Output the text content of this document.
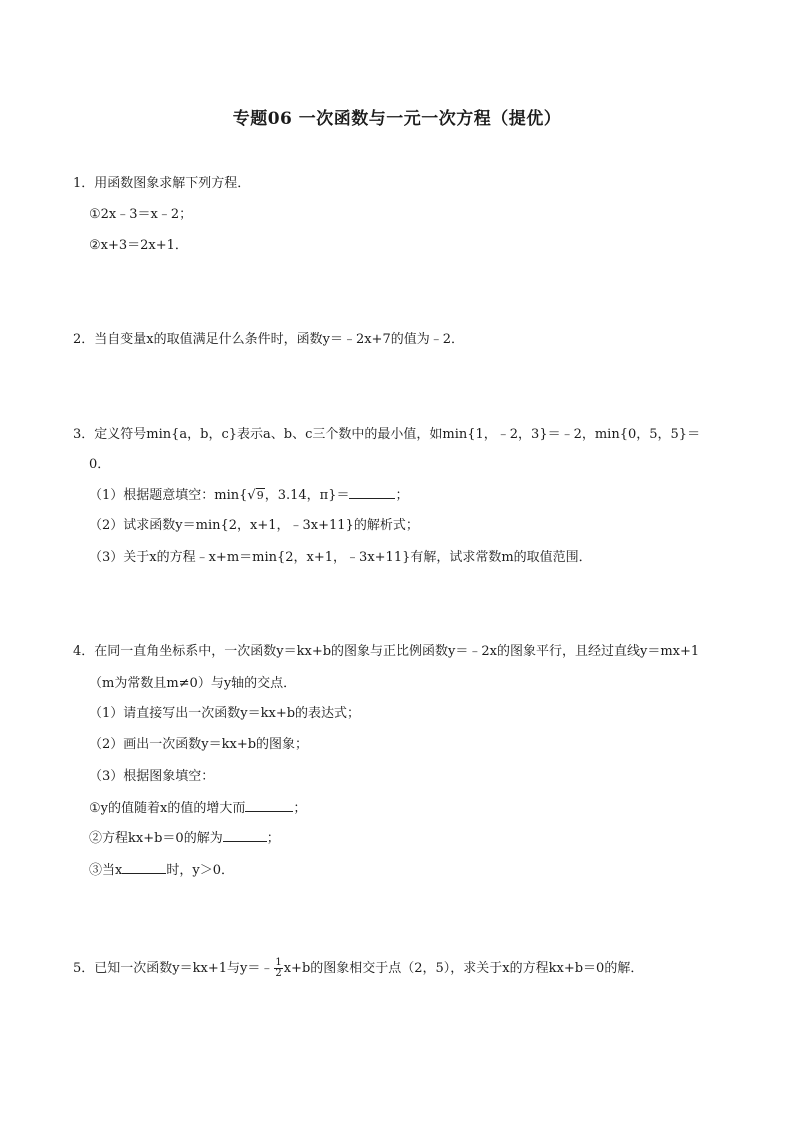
专题06 一次函数与一元一次方程（提优）
1．用函数图象求解下列方程．
①2x﹣3＝x﹣2；
②x+3＝2x+1．
2．当自变量x的取值满足什么条件时，函数y＝﹣2x+7的值为﹣2．
3．定义符号min{a，b，c}表示a、b、c三个数中的最小值，如min{1，﹣2，3}＝﹣2，min{0，5，5}＝
0．
（1）根据题意填空：min{√9，3.14，π}＝	；
（2）试求函数y＝min{2，x+1，﹣3x+11}的解析式；
（3）关于x的方程﹣x+m＝min{2，x+1，﹣3x+11}有解，试求常数m的取值范围．
4．在同一直角坐标系中，一次函数y＝kx+b的图象与正比例函数y＝﹣2x的图象平行，且经过直线y＝mx+1
（m为常数且m≠0）与y轴的交点．
（1）请直接写出一次函数y＝kx+b的表达式；
（2）画出一次函数y＝kx+b的图象；
（3）根据图象填空：
①y的值随着x的值的增大而	；
②方程kx+b＝0的解为	；
③当x	时，y＞0．
5．已知一次函数y＝kx+1与y＝﹣ $\frac{1}{2} x+b$的图象相交于点（2，5），求关于x的方程kx+b＝0的解．
